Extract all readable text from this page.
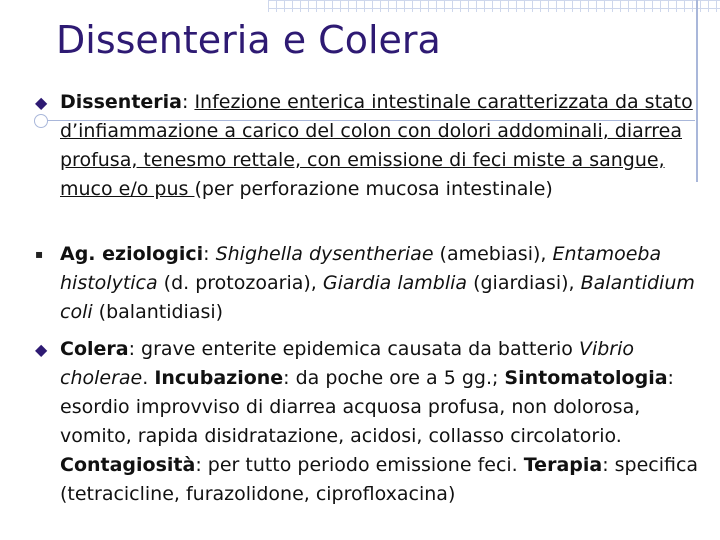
Dissenteria e Colera
◆ Dissenteria: Infezione enterica intestinale caratterizzata da stato d’infiammazione a carico del colon con dolori addominali, diarrea profusa, tenesmo rettale, con emissione di feci miste a sangue, muco e/o pus (per perforazione mucosa intestinale)

▪ Ag. eziologici: Shighella dysentheriae (amebiasi), Entamoeba histolytica (d. protozoaria), Giardia lamblia (giardiasi), Balantidium coli (balantidiasi)

◆ Colera: grave enterite epidemica causata da batterio Vibrio cholerae. Incubazione: da poche ore a 5 gg.; Sintomatologia: esordio improvviso di diarrea acquosa profusa, non dolorosa, vomito, rapida disidratazione, acidosi, collasso circolatorio. Contagiosità: per tutto periodo emissione feci. Terapia: specifica (tetracicline, furazolidone, ciprofloxacina)
